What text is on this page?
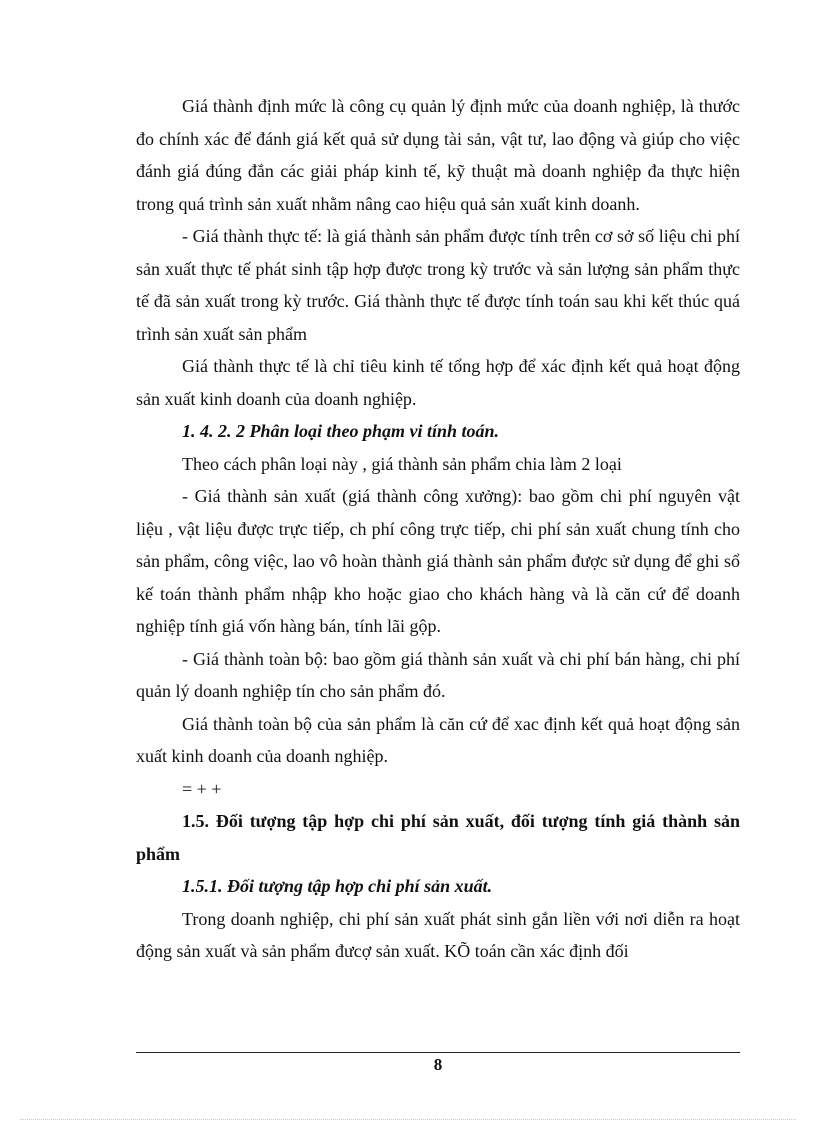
Giá thành định mức là công cụ quản lý định mức của doanh nghiệp, là thước đo chính xác để đánh giá kết quả sử dụng tài sản, vật tư, lao động và giúp cho việc đánh giá đúng đắn các giải pháp kinh tế, kỹ thuật mà doanh nghiệp đa thực hiện trong quá trình sản xuất nhằm nâng cao hiệu quả sản xuất kinh doanh.

- Giá thành thực tế: là giá thành sản phẩm được tính trên cơ sở số liệu chi phí sản xuất thực tế phát sinh tập hợp được trong kỳ trước và sản lượng sản phẩm thực tế đã sản xuất trong kỳ trước. Giá thành thực tế được tính toán sau khi kết thúc quá trình sản xuất sản phẩm

Giá thành thực tế là chỉ tiêu kinh tế tổng hợp để xác định kết quả hoạt động sản xuất kinh doanh của doanh nghiệp.

1. 4. 2. 2 Phân loại theo phạm vi tính toán.

Theo cách phân loại này , giá thành sản phẩm chia làm 2 loại

- Giá thành sản xuất (giá thành công xưởng): bao gồm chi phí nguyên vật liệu , vật liệu được trực tiếp, ch phí công trực tiếp, chi phí sản xuất chung tính cho sản phẩm, công việc, lao vô hoàn thành giá thành sản phẩm được sử dụng để ghi sổ kế toán thành phẩm nhập kho hoặc giao cho khách hàng và là căn cứ để doanh nghiệp tính giá vốn hàng bán, tính lãi gộp.

- Giá thành toàn bộ: bao gồm giá thành sản xuất và chi phí bán hàng, chi phí quản lý doanh nghiệp tín cho sản phẩm đó.

Giá thành toàn bộ của sản phẩm là căn cứ để xac định kết quả hoạt động sản xuất kinh doanh của doanh nghiệp.

= + +

1.5. Đối tượng tập hợp chi phí sản xuất, đối tượng tính giá thành sản phẩm

1.5.1. Đối tượng tập hợp chi phí sản xuất.

Trong doanh nghiệp, chi phí sản xuất phát sinh gắn liền với nơi diễn ra hoạt động sản xuất và sản phẩm đưcợ sản xuất. KÕ toán cần xác định đối

8
